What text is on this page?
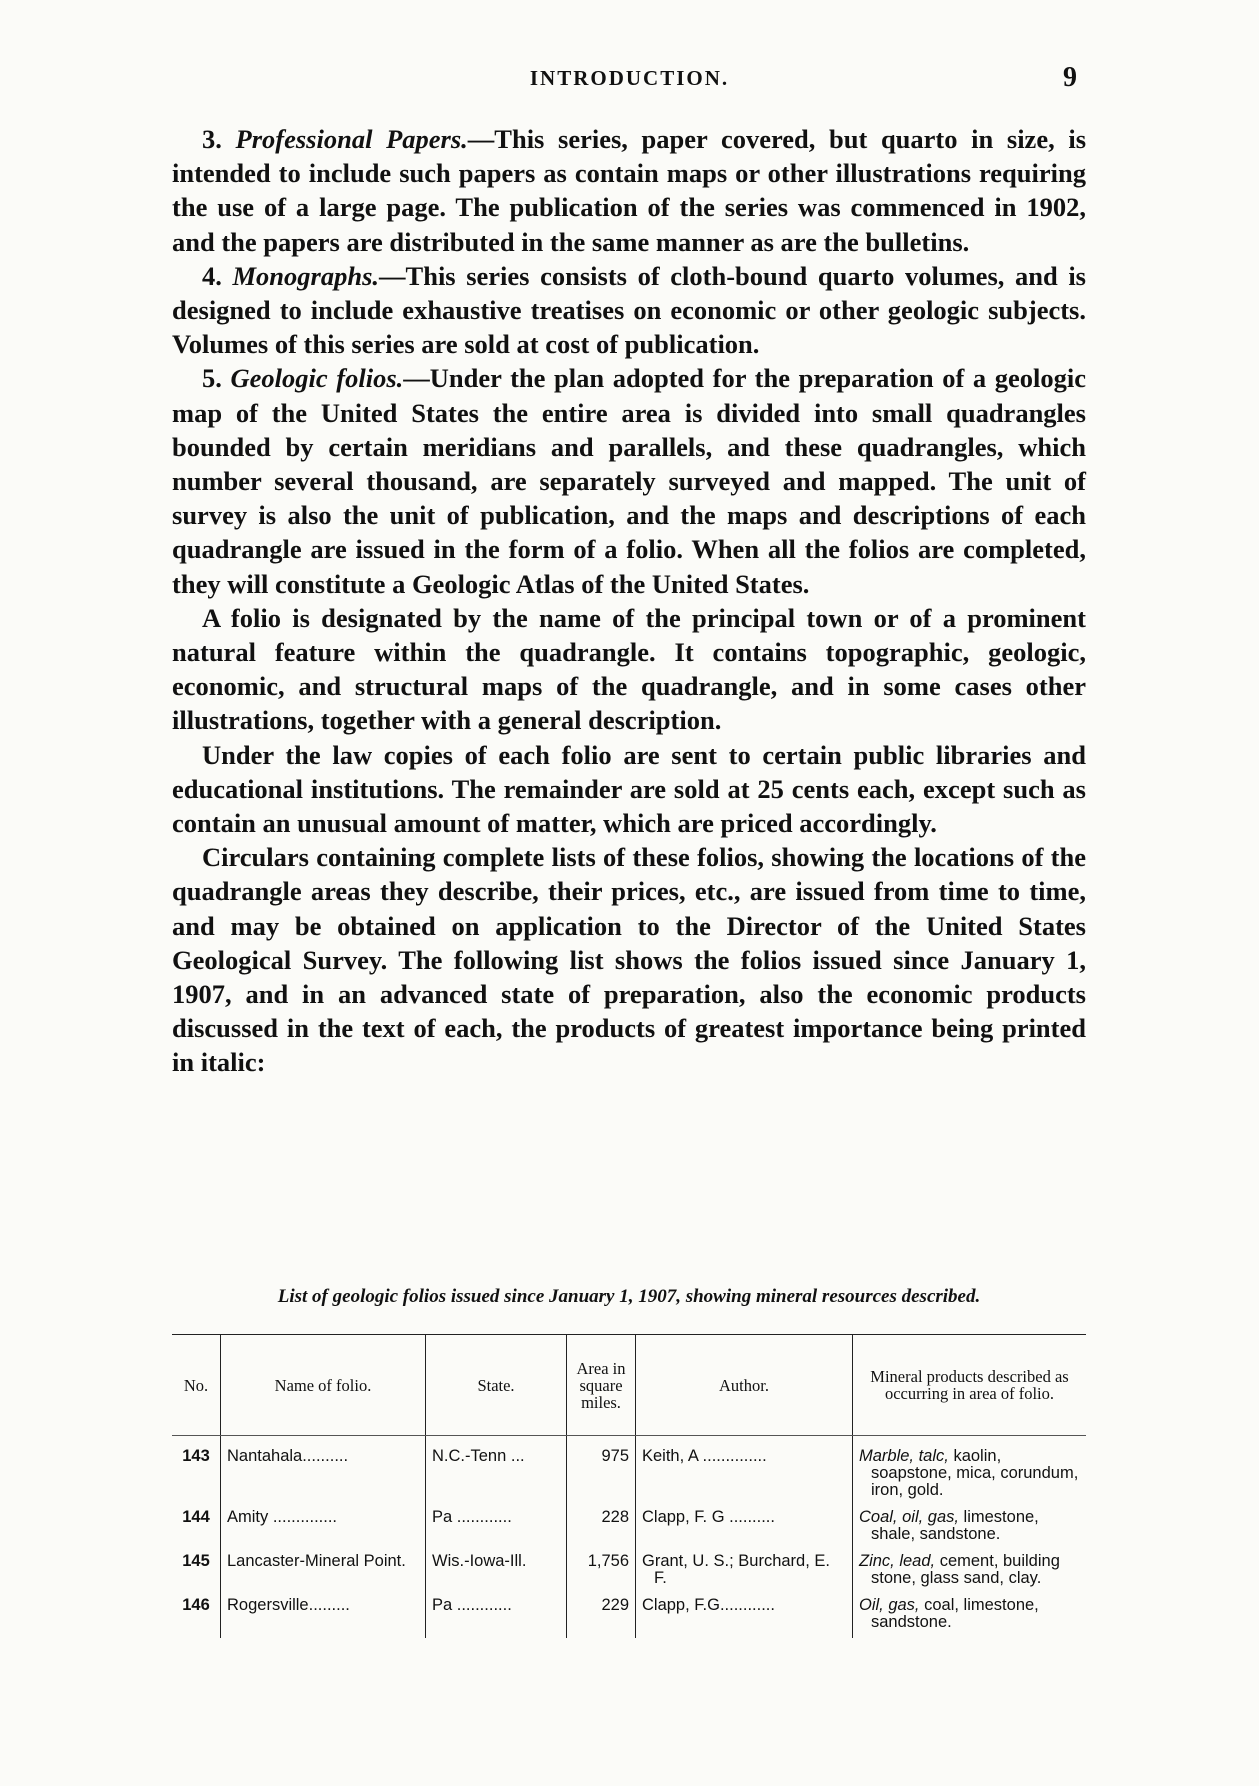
INTRODUCTION.	9

3. Professional Papers.—This series, paper covered, but quarto in size, is intended to include such papers as contain maps or other illustrations requiring the use of a large page. The publication of the series was commenced in 1902, and the papers are distributed in the same manner as are the bulletins.

4. Monographs.—This series consists of cloth-bound quarto volumes, and is designed to include exhaustive treatises on economic or other geologic subjects. Volumes of this series are sold at cost of publication.

5. Geologic folios.—Under the plan adopted for the preparation of a geologic map of the United States the entire area is divided into small quadrangles bounded by certain meridians and parallels, and these quadrangles, which number several thousand, are separately surveyed and mapped. The unit of survey is also the unit of publication, and the maps and descriptions of each quadrangle are issued in the form of a folio. When all the folios are completed, they will constitute a Geologic Atlas of the United States.

A folio is designated by the name of the principal town or of a prominent natural feature within the quadrangle. It contains topographic, geologic, economic, and structural maps of the quadrangle, and in some cases other illustrations, together with a general description.

Under the law copies of each folio are sent to certain public libraries and educational institutions. The remainder are sold at 25 cents each, except such as contain an unusual amount of matter, which are priced accordingly.

Circulars containing complete lists of these folios, showing the locations of the quadrangle areas they describe, their prices, etc., are issued from time to time, and may be obtained on application to the Director of the United States Geological Survey. The following list shows the folios issued since January 1, 1907, and in an advanced state of preparation, also the economic products discussed in the text of each, the products of greatest importance being printed in italic:

List of geologic folios issued since January 1, 1907, showing mineral resources described.
No.	Name of folio.	State.	Area in square miles.	Author.	Mineral products described as occurring in area of folio.
143	Nantahala..........	N.C.-Tenn ...	975	Keith, A ..............	Marble, talc, kaolin, soapstone, mica, corundum, iron, gold.
144	Amity ..............	Pa ............	228	Clapp, F. G ..........	Coal, oil, gas, limestone, shale, sandstone.
145	Lancaster-Mineral Point.	Wis.-Iowa-Ill.	1,756	Grant, U. S.; Burchard, E. F.	Zinc, lead, cement, building stone, glass sand, clay.
146	Rogersville.........	Pa ............	229	Clapp, F.G............	Oil, gas, coal, limestone, sandstone.
